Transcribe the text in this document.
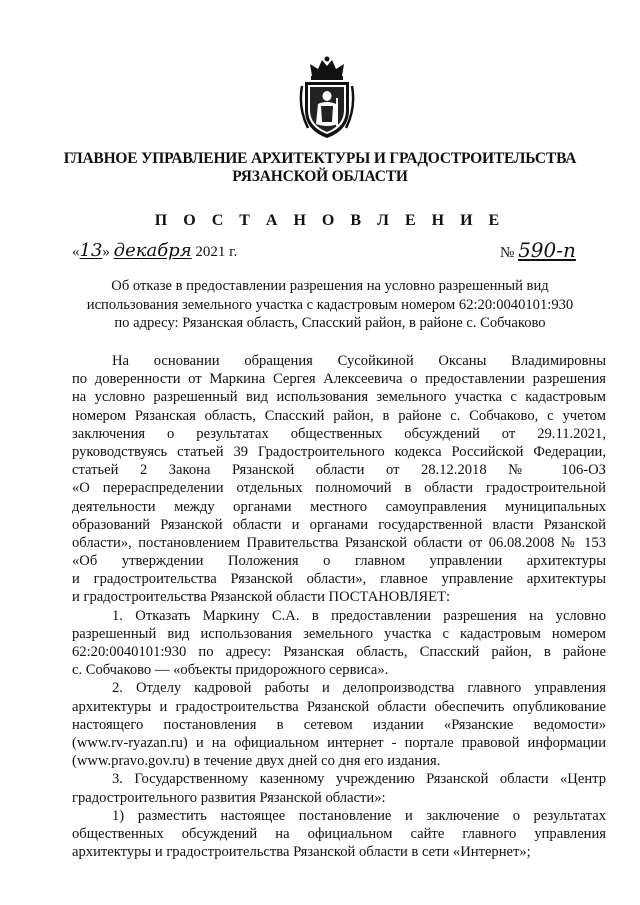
ГЛАВНОЕ УПРАВЛЕНИЕ АРХИТЕКТУРЫ И ГРАДОСТРОИТЕЛЬСТВА
РЯЗАНСКОЙ ОБЛАСТИ
П О С Т А Н О В Л Е Н И Е
«13» декабря 2021 г.	№ 590-п
Об отказе в предоставлении разрешения на условно разрешенный вид
использования земельного участка с кадастровым номером 62:20:0040101:930
по адресу: Рязанская область, Спасский район, в районе с. Собчаково
На основании обращения Сусойкиной Оксаны Владимировны
по доверенности от Маркина Сергея Алексеевича о предоставлении разрешения
на условно разрешенный вид использования земельного участка с кадастровым
номером Рязанская область, Спасский район, в районе с. Собчаково, с учетом
заключения о результатах общественных обсуждений от 29.11.2021,
руководствуясь статьей 39 Градостроительного кодекса Российской Федерации,
статьей 2 Закона Рязанской области от 28.12.2018 № 106-ОЗ
«О перераспределении отдельных полномочий в области градостроительной
деятельности между органами местного самоуправления муниципальных
образований Рязанской области и органами государственной власти Рязанской
области», постановлением Правительства Рязанской области от 06.08.2008 № 153
«Об утверждении Положения о главном управлении архитектуры
и градостроительства Рязанской области», главное управление архитектуры
и градостроительства Рязанской области ПОСТАНОВЛЯЕТ:
1. Отказать Маркину С.А. в предоставлении разрешения на условно
разрешенный вид использования земельного участка с кадастровым номером
62:20:0040101:930 по адресу: Рязанская область, Спасский район, в районе
с. Собчаково — «объекты придорожного сервиса».
2. Отделу кадровой работы и делопроизводства главного управления
архитектуры и градостроительства Рязанской области обеспечить опубликование
настоящего постановления в сетевом издании «Рязанские ведомости»
(www.rv-ryazan.ru) и на официальном интернет - портале правовой информации
(www.pravo.gov.ru) в течение двух дней со дня его издания.
3. Государственному казенному учреждению Рязанской области «Центр
градостроительного развития Рязанской области»:
1) разместить настоящее постановление и заключение о результатах
общественных обсуждений на официальном сайте главного управления
архитектуры и градостроительства Рязанской области в сети «Интернет»;
